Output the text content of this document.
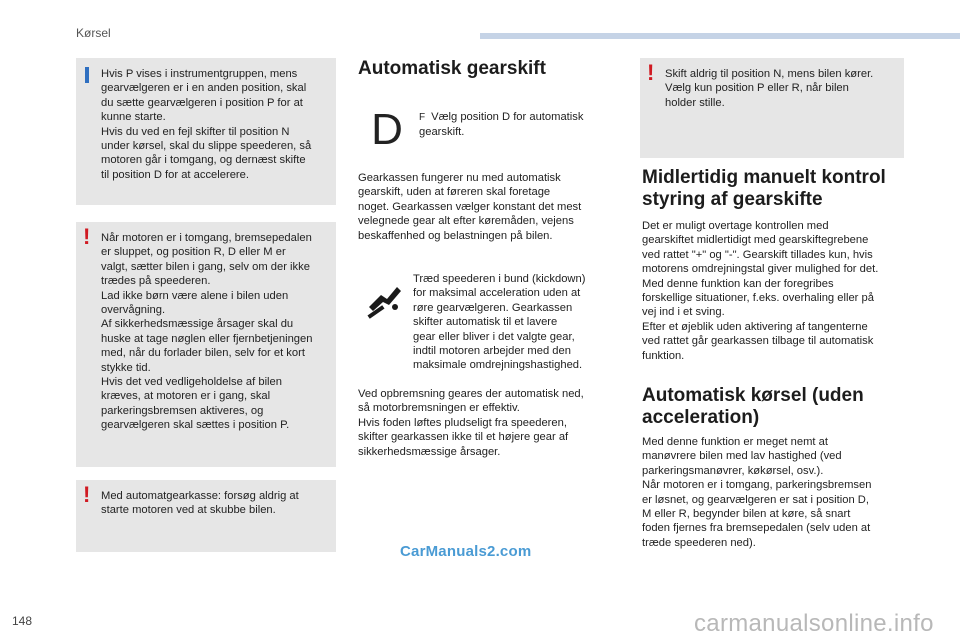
Kørsel
Hvis P vises i instrumentgruppen, mens
gearvælgeren er i en anden position, skal
du sætte gearvælgeren i position P for at
kunne starte.
Hvis du ved en fejl skifter til position N
under kørsel, skal du slippe speederen, så
motoren går i tomgang, og dernæst skifte
til position D for at accelerere.
! Når motoren er i tomgang, bremsepedalen
er sluppet, og position R, D eller M er
valgt, sætter bilen i gang, selv om der ikke
trædes på speederen.
Lad ikke børn være alene i bilen uden
overvågning.
Af sikkerhedsmæssige årsager skal du
huske at tage nøglen eller fjernbetjeningen
med, når du forlader bilen, selv for et kort
stykke tid.
Hvis det ved vedligeholdelse af bilen
kræves, at motoren er i gang, skal
parkeringsbremsen aktiveres, og
gearvælgeren skal sættes i position P.
! Med automatgearkasse: forsøg aldrig at
starte motoren ved at skubbe bilen.
Automatisk gearskift
D	F Vælg position D for automatisk
gearskift.
Gearkassen fungerer nu med automatisk
gearskift, uden at føreren skal foretage
noget. Gearkassen vælger konstant det mest
velegnede gear alt efter køremåden, vejens
beskaffenhed og belastningen på bilen.
Træd speederen i bund (kickdown)
for maksimal acceleration uden at
røre gearvælgeren. Gearkassen
skifter automatisk til et lavere
gear eller bliver i det valgte gear,
indtil motoren arbejder med den
maksimale omdrejningshastighed.
Ved opbremsning geares der automatisk ned,
så motorbremsningen er effektiv.
Hvis foden løftes pludseligt fra speederen,
skifter gearkassen ikke til et højere gear af
sikkerhedsmæssige årsager.
! Skift aldrig til position N, mens bilen kører.
Vælg kun position P eller R, når bilen
holder stille.
Midlertidig manuelt kontrol
styring af gearskifte
Det er muligt overtage kontrollen med
gearskiftet midlertidigt med gearskiftegrebene
ved rattet "+" og "-". Gearskift tillades kun, hvis
motorens omdrejningstal giver mulighed for det.
Med denne funktion kan der foregribes
forskellige situationer, f.eks. overhaling eller på
vej ind i et sving.
Efter et øjeblik uden aktivering af tangenterne
ved rattet går gearkassen tilbage til automatisk
funktion.
Automatisk kørsel (uden
acceleration)
Med denne funktion er meget nemt at
manøvrere bilen med lav hastighed (ved
parkeringsmanøvrer, køkørsel, osv.).
Når motoren er i tomgang, parkeringsbremsen
er løsnet, og gearvælgeren er sat i position D,
M eller R, begynder bilen at køre, så snart
foden fjernes fra bremsepedalen (selv uden at
træde speederen ned).
148
CarManuals2.com
carmanualsonline.info
